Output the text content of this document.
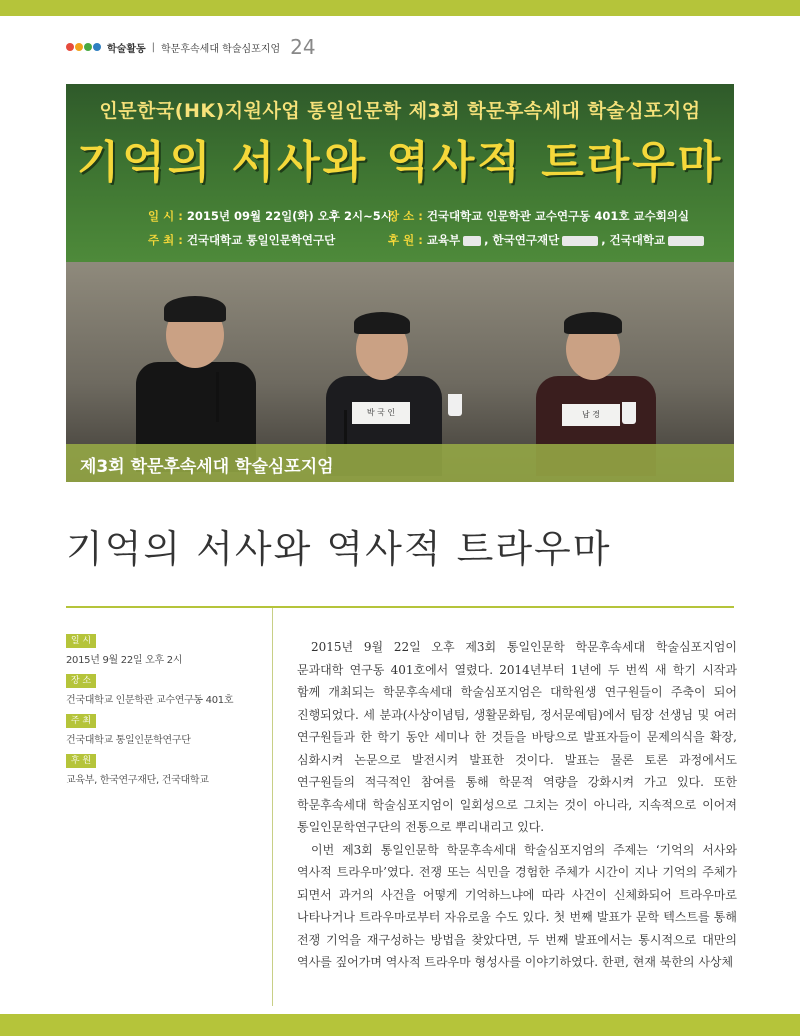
학술활동 | 학문후속세대 학술심포지엄 24
인문한국(HK)지원사업 통일인문학 제3회 학문후속세대 학술심포지엄
기억의 서사와 역사적 트라우마
일 시 : 2015년 09월 22일(화) 오후 2시~5시
주 최 : 건국대학교 통일인문학연구단
장 소 : 건국대학교 인문학관 교수연구동 401호 교수회의실
후 원 : 교육부 , 한국연구재단	, 건국대학교
박 국 인	남 경
제3회 학문후속세대 학술심포지엄
기억의 서사와 역사적 트라우마
일 시
2015년 9월 22일 오후 2시
장 소
건국대학교 인문학관 교수연구동 401호
주 최
건국대학교 통일인문학연구단
후 원
교육부, 한국연구재단, 건국대학교

2015년 9월 22일 오후 제3회 통일인문학 학문후속세대 학술심포지엄이 문과대학 연구동 401호에서 열렸다. 2014년부터 1년에 두 번씩 새 학기 시작과 함께 개최되는 학문후속세대 학술심포지엄은 대학원생 연구원들이 주축이 되어 진행되었다. 세 분과(사상이념팀, 생활문화팀, 정서문예팀)에서 팀장 선생님 및 여러 연구원들과 한 학기 동안 세미나 한 것들을 바탕으로 발표자들이 문제의식을 확장, 심화시켜 논문으로 발전시켜 발표한 것이다. 발표는 물론 토론 과정에서도 연구원들의 적극적인 참여를 통해 학문적 역량을 강화시켜 가고 있다. 또한 학문후속세대 학술심포지엄이 일회성으로 그치는 것이 아니라, 지속적으로 이어져 통일인문학연구단의 전통으로 뿌리내리고 있다.

이번 제3회 통일인문학 학문후속세대 학술심포지엄의 주제는 ‘기억의 서사와 역사적 트라우마’였다. 전쟁 또는 식민을 경험한 주체가 시간이 지나 기억의 주체가 되면서 과거의 사건을 어떻게 기억하느냐에 따라 사건이 신체화되어 트라우마로 나타나거나 트라우마로부터 자유로울 수도 있다. 첫 번째 발표가 문학 텍스트를 통해 전쟁 기억을 재구성하는 방법을 찾았다면, 두 번째 발표에서는 통시적으로 대만의 역사를 짚어가며 역사적 트라우마 형성사를 이야기하였다. 한편, 현재 북한의 사상체
